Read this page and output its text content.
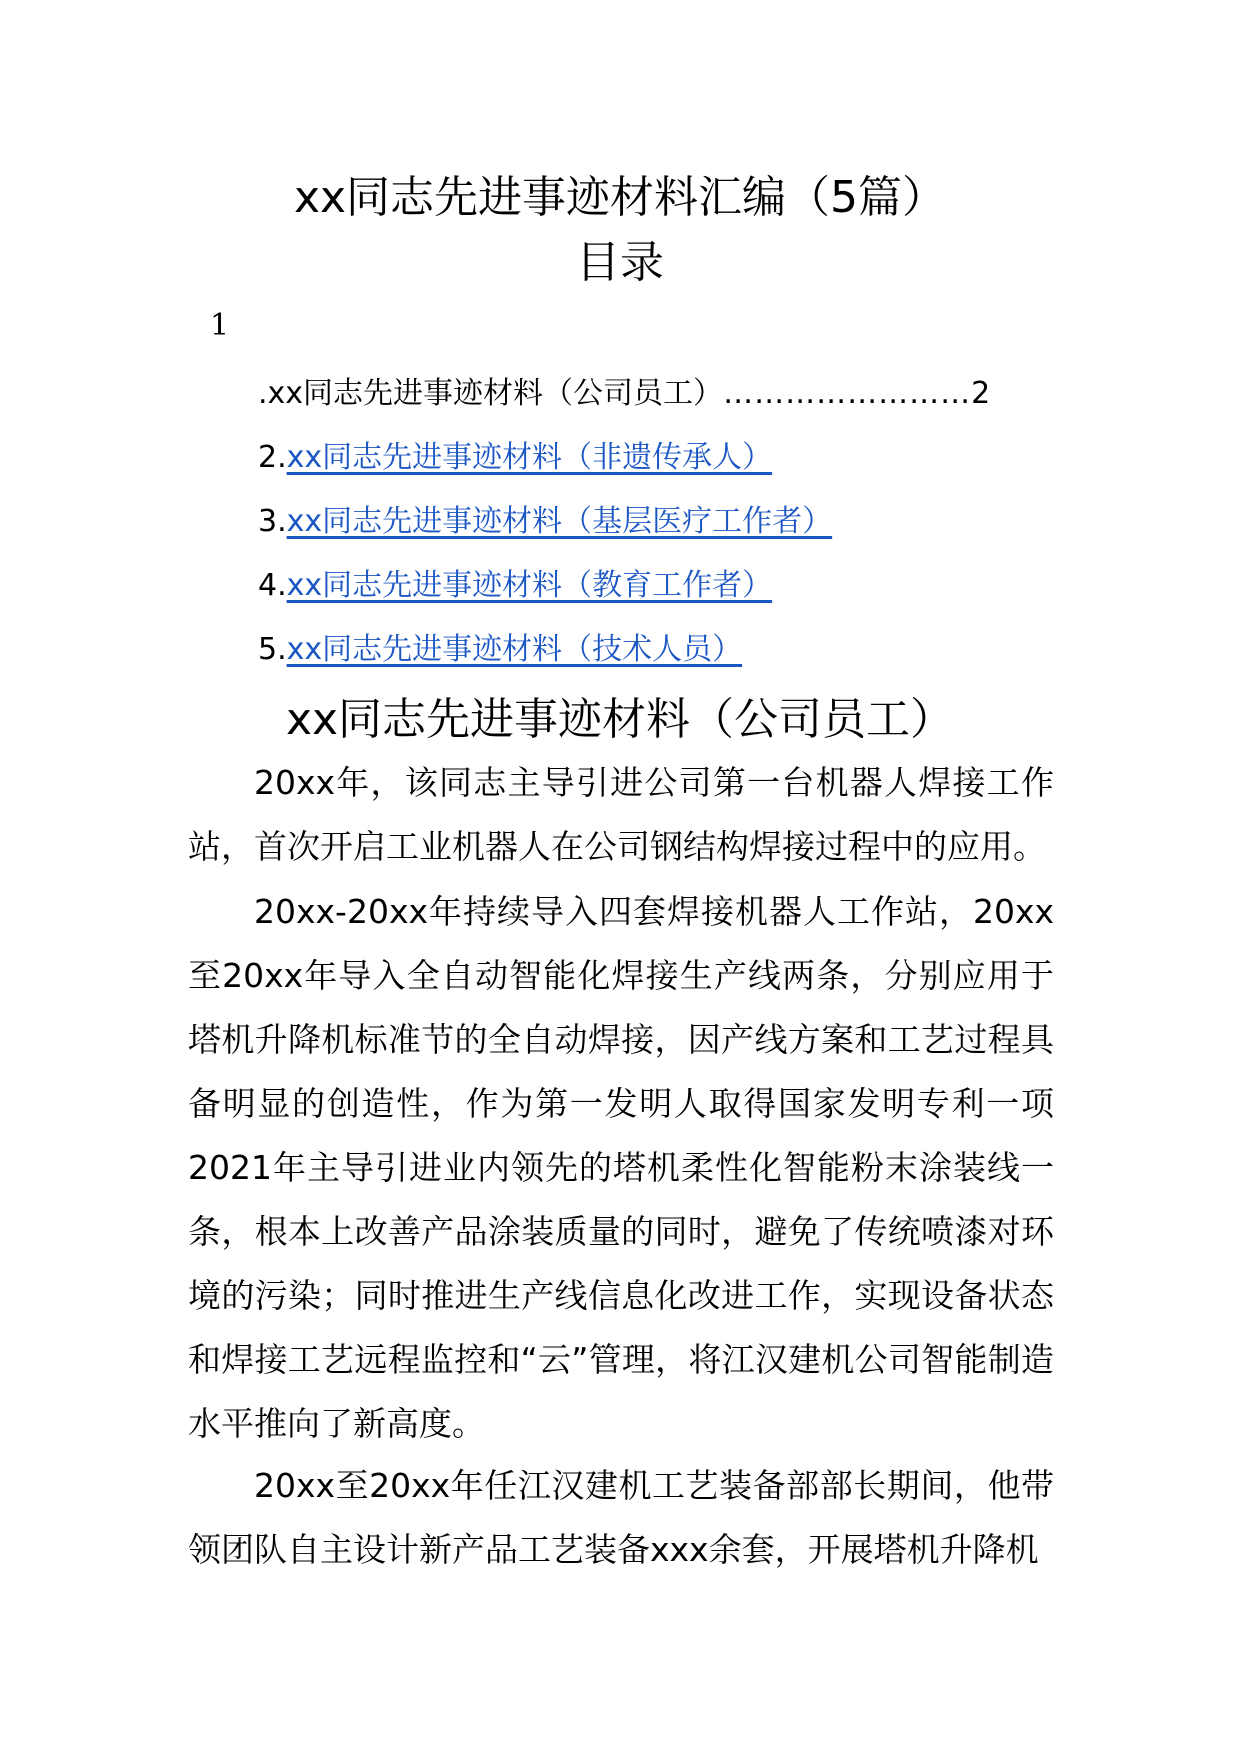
xx同志先进事迹材料汇编（5篇）
目录
1
.xx同志先进事迹材料（公司员工）……………………2
2.xx同志先进事迹材料（非遗传承人）
3.xx同志先进事迹材料（基层医疗工作者）
4.xx同志先进事迹材料（教育工作者）
5.xx同志先进事迹材料（技术人员）
xx同志先进事迹材料（公司员工）

20xx年，该同志主导引进公司第一台机器人焊接工作站，首次开启工业机器人在公司钢结构焊接过程中的应用。

20xx-20xx年持续导入四套焊接机器人工作站，20xx至20xx年导入全自动智能化焊接生产线两条，分别应用于塔机升降机标准节的全自动焊接，因产线方案和工艺过程具备明显的创造性，作为第一发明人取得国家发明专利一项2021年主导引进业内领先的塔机柔性化智能粉末涂装线一条，根本上改善产品涂装质量的同时，避免了传统喷漆对环境的污染；同时推进生产线信息化改进工作，实现设备状态和焊接工艺远程监控和“云”管理，将江汉建机公司智能制造水平推向了新高度。

20xx至20xx年任江汉建机工艺装备部部长期间，他带领团队自主设计新产品工艺装备xxx余套，开展塔机升降机
